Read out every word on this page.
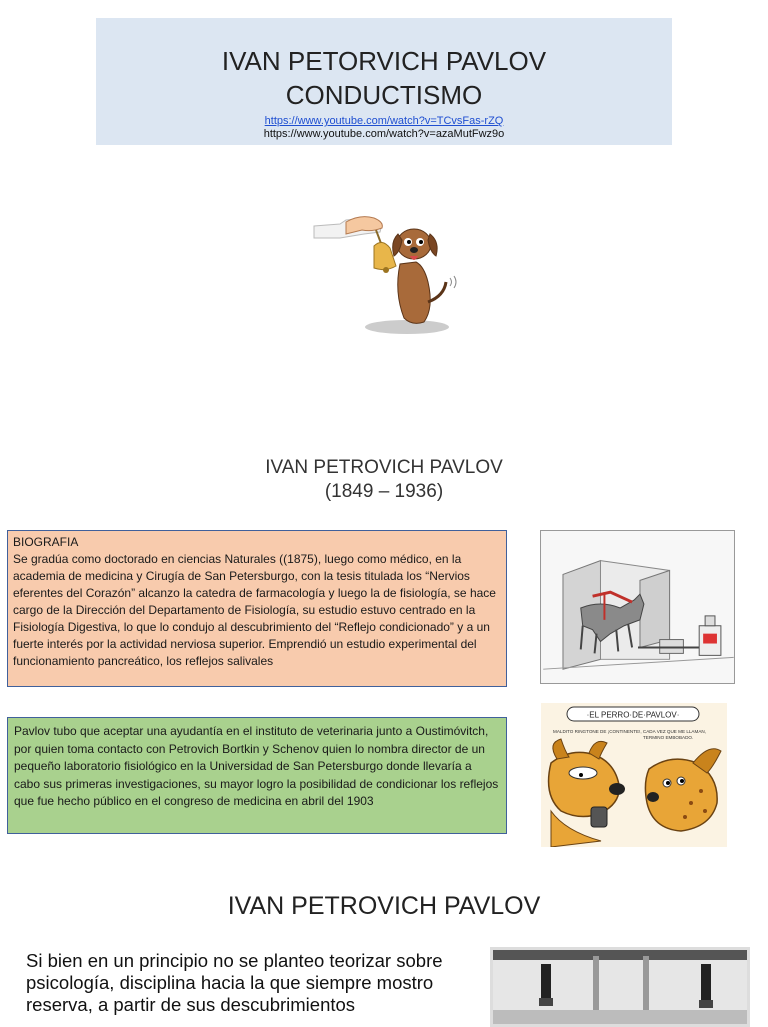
IVAN PETORVICH PAVLOV
CONDUCTISMO
https://www.youtube.com/watch?v=TCvsFas-rZQ
https://www.youtube.com/watch?v=azaMutFwz9o
IVAN PETROVICH PAVLOV
(1849 – 1936)
BIOGRAFIA
Se gradúa como doctorado en ciencias Naturales ((1875), luego como médico, en la academia de medicina y Cirugía de San Petersburgo, con la tesis titulada los “Nervios eferentes del Corazón” alcanzo la catedra de farmacología y luego la de fisiología, se hace cargo de la Dirección del Departamento de Fisiología, su estudio estuvo centrado en la Fisiología Digestiva, lo que lo condujo al descubrimiento del “Reflejo condicionado” y a un fuerte interés por la actividad nerviosa superior. Emprendió un estudio experimental del funcionamiento pancreático, los reflejos salivales
Pavlov tubo que aceptar una ayudantía en el instituto de veterinaria junto a Oustimóvitch, por quien toma contacto con Petrovich Bortkin y Schenov quien lo nombra director de un pequeño laboratorio fisiológico en la Universidad de San Petersburgo donde llevaría a cabo sus primeras investigaciones, su mayor logro la posibilidad de condicionar los reflejos que fue hecho público en el congreso de medicina en abril del 1903
·EL PERRO·DE·PAVLOV·
MALDITO RINGTONE DE ¡CONTINENTE!, CADA VEZ QUE ME LLAMAN,
TERMINO EMBOBADO.
IVAN PETROVICH PAVLOV
Si bien en un principio no se planteo teorizar sobre psicología, disciplina hacia la que siempre mostro reserva, a partir de sus descubrimientos
